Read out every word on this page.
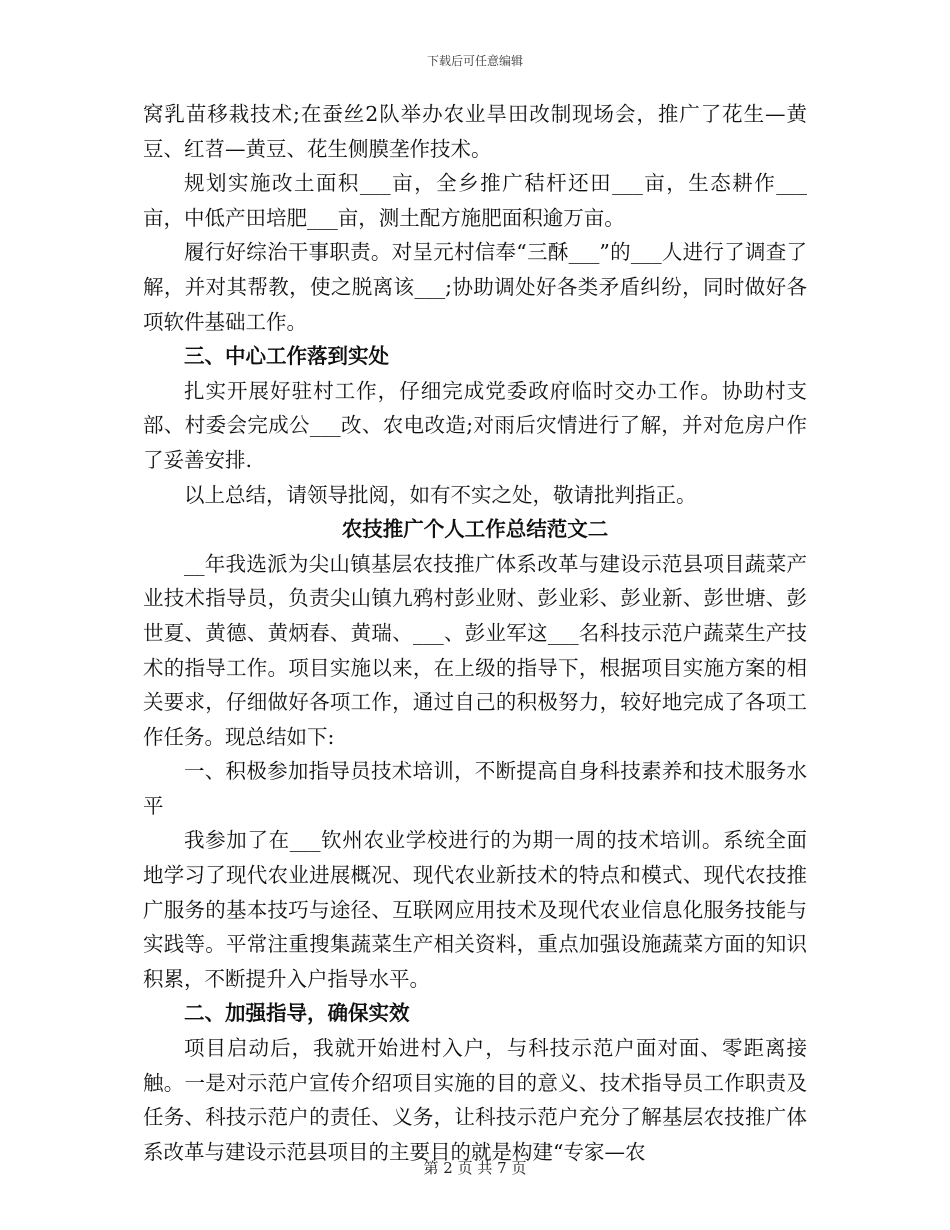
下载后可任意编辑

窝乳苗移栽技术;在蚕丝2队举办农业旱田改制现场会，推广了花生—黄豆、红苕—黄豆、花生侧膜垄作技术。

规划实施改土面积___亩，全乡推广秸杆还田___亩，生态耕作___亩，中低产田培肥___亩，测土配方施肥面积逾万亩。

履行好综治干事职责。对呈元村信奉“三酥___”的___人进行了调查了解，并对其帮教，使之脱离该___;协助调处好各类矛盾纠纷，同时做好各项软件基础工作。

三、中心工作落到实处

扎实开展好驻村工作，仔细完成党委政府临时交办工作。协助村支部、村委会完成公___改、农电改造;对雨后灾情进行了解，并对危房户作了妥善安排.

以上总结，请领导批阅，如有不实之处，敬请批判指正。

农技推广个人工作总结范文二

__年我选派为尖山镇基层农技推广体系改革与建设示范县项目蔬菜产业技术指导员，负责尖山镇九鸦村彭业财、彭业彩、彭业新、彭世塘、彭世夏、黄德、黄炳春、黄瑞、___、彭业军这___名科技示范户蔬菜生产技术的指导工作。项目实施以来，在上级的指导下，根据项目实施方案的相关要求，仔细做好各项工作，通过自己的积极努力，较好地完成了各项工作任务。现总结如下:

一、积极参加指导员技术培训，不断提高自身科技素养和技术服务水平

我参加了在___钦州农业学校进行的为期一周的技术培训。系统全面地学习了现代农业进展概况、现代农业新技术的特点和模式、现代农技推广服务的基本技巧与途径、互联网应用技术及现代农业信息化服务技能与实践等。平常注重搜集蔬菜生产相关资料，重点加强设施蔬菜方面的知识积累，不断提升入户指导水平。

二、加强指导，确保实效

项目启动后，我就开始进村入户，与科技示范户面对面、零距离接触。一是对示范户宣传介绍项目实施的目的意义、技术指导员工作职责及任务、科技示范户的责任、义务，让科技示范户充分了解基层农技推广体系改革与建设示范县项目的主要目的就是构建“专家—农

第 2 页 共 7 页
